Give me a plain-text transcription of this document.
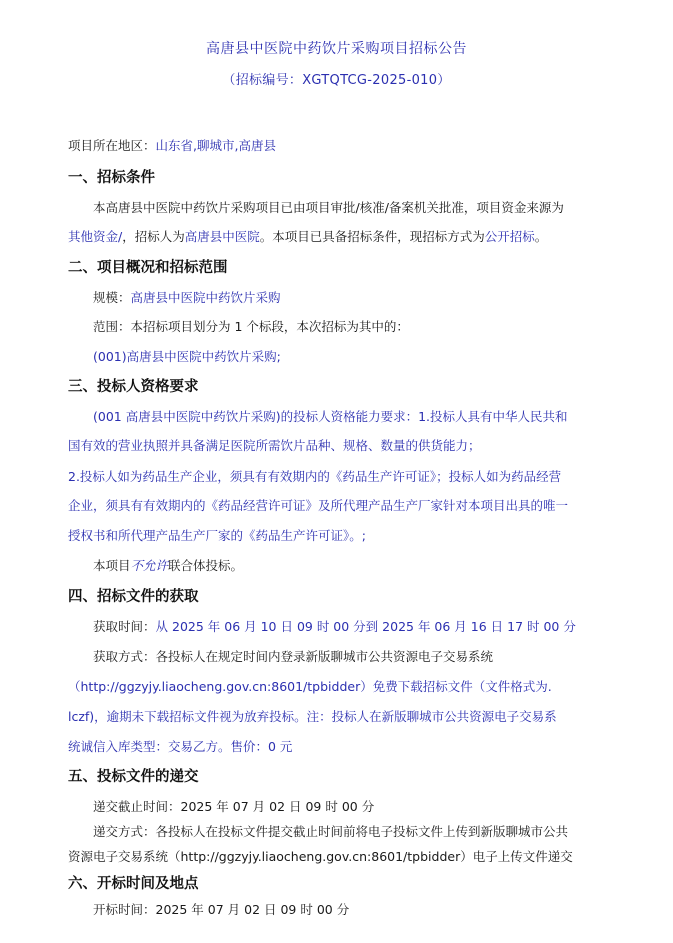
高唐县中医院中药饮片采购项目招标公告
（招标编号：XGTQTCG-2025-010）
项目所在地区：山东省,聊城市,高唐县
一、招标条件
本高唐县中医院中药饮片采购项目已由项目审批/核准/备案机关批准，项目资金来源为
其他资金/，招标人为高唐县中医院。本项目已具备招标条件，现招标方式为公开招标。
二、项目概况和招标范围
规模：高唐县中医院中药饮片采购
范围：本招标项目划分为 1 个标段，本次招标为其中的：
(001)高唐县中医院中药饮片采购;
三、投标人资格要求
(001 高唐县中医院中药饮片采购)的投标人资格能力要求：1.投标人具有中华人民共和
国有效的营业执照并具备满足医院所需饮片品种、规格、数量的供货能力；
2.投标人如为药品生产企业，须具有有效期内的《药品生产许可证》；投标人如为药品经营
企业，须具有有效期内的《药品经营许可证》及所代理产品生产厂家针对本项目出具的唯一
授权书和所代理产品生产厂家的《药品生产许可证》。;
本项目不允许联合体投标。
四、招标文件的获取
获取时间：从 2025 年 06 月 10 日 09 时 00 分到 2025 年 06 月 16 日 17 时 00 分
获取方式：各投标人在规定时间内登录新版聊城市公共资源电子交易系统
（http://ggzyjy.liaocheng.gov.cn:8601/tpbidder）免费下载招标文件（文件格式为.
lczf)，逾期未下载招标文件视为放弃投标。注：投标人在新版聊城市公共资源电子交易系
统诚信入库类型：交易乙方。售价：0 元
五、投标文件的递交
递交截止时间：2025 年 07 月 02 日 09 时 00 分
递交方式：各投标人在投标文件提交截止时间前将电子投标文件上传到新版聊城市公共
资源电子交易系统（http://ggzyjy.liaocheng.gov.cn:8601/tpbidder）电子上传文件递交
六、开标时间及地点
开标时间：2025 年 07 月 02 日 09 时 00 分
